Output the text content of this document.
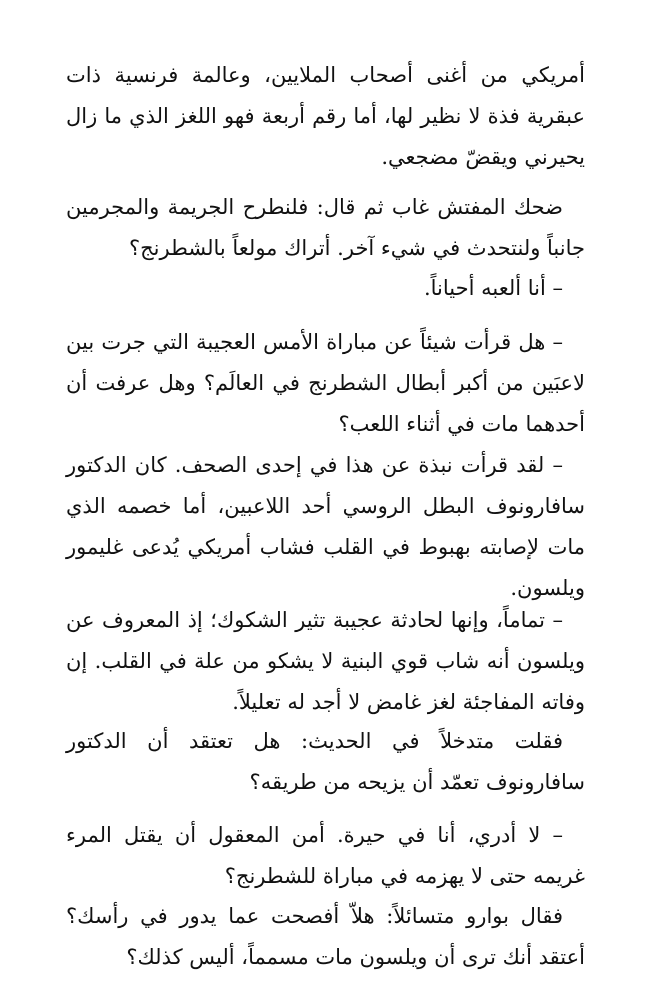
أمريكي من أغنى أصحاب الملايين، وعالمة فرنسية ذات عبقرية فذة لا نظير لها، أما رقم أربعة فهو اللغز الذي ما زال يحيرني ويقضّ مضجعي.

ضحك المفتش غاب ثم قال: فلنطرح الجريمة والمجرمين جانباً ولنتحدث في شيء آخر. أتراك مولعاً بالشطرنج؟

– أنا ألعبه أحياناً.

– هل قرأت شيئاً عن مباراة الأمس العجيبة التي جرت بين لاعبَين من أكبر أبطال الشطرنج في العالَم؟ وهل عرفت أن أحدهما مات في أثناء اللعب؟

– لقد قرأت نبذة عن هذا في إحدى الصحف. كان الدكتور سافارونوف البطل الروسي أحد اللاعبين، أما خصمه الذي مات لإصابته بهبوط في القلب فشاب أمريكي يُدعى غليمور ويلسون.

– تماماً، وإنها لحادثة عجيبة تثير الشكوك؛ إذ المعروف عن ويلسون أنه شاب قوي البنية لا يشكو من علة في القلب. إن وفاته المفاجئة لغز غامض لا أجد له تعليلاً.

فقلت متدخلاً في الحديث: هل تعتقد أن الدكتور سافارونوف تعمّد أن يزيحه من طريقه؟

– لا أدري، أنا في حيرة. أمن المعقول أن يقتل المرء غريمه حتى لا يهزمه في مباراة للشطرنج؟

فقال بوارو متسائلاً: هلاّ أفصحت عما يدور في رأسك؟ أعتقد أنك ترى أن ويلسون مات مسمماً، أليس كذلك؟
